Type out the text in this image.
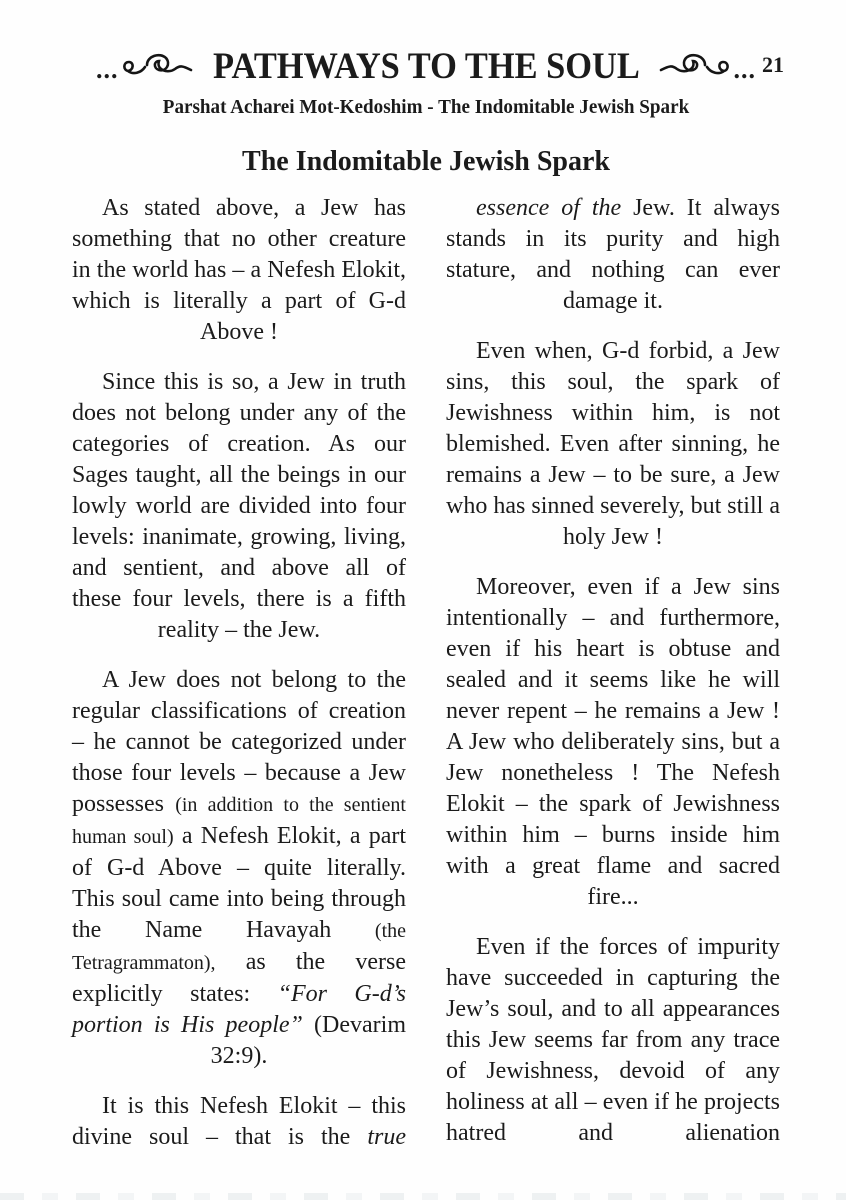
...	PATHWAYS TO THE SOUL	... 21
Parshat Acharei Mot-Kedoshim - The Indomitable Jewish Spark
The Indomitable Jewish Spark

As stated above, a Jew has something that no other creature in the world has – a Nefesh Elokit, which is literally a part of G-d Above !

Since this is so, a Jew in truth does not belong under any of the categories of creation. As our Sages taught, all the beings in our lowly world are divided into four levels: inanimate, growing, living, and sentient, and above all of these four levels, there is a fifth reality – the Jew.

A Jew does not belong to the regular classifications of creation – he cannot be categorized under those four levels – because a Jew possesses (in addition to the sentient human soul) a Nefesh Elokit, a part of G-d Above – quite literally. This soul came into being through the Name Havayah (the Tetragrammaton), as the verse explicitly states: “For G-d’s portion is His people” (Devarim 32:9).

It is this Nefesh Elokit – this divine soul – that is the true

essence of the Jew. It always stands in its purity and high stature, and nothing can ever damage it.

Even when, G-d forbid, a Jew sins, this soul, the spark of Jewishness within him, is not blemished. Even after sinning, he remains a Jew – to be sure, a Jew who has sinned severely, but still a holy Jew !

Moreover, even if a Jew sins intentionally – and furthermore, even if his heart is obtuse and sealed and it seems like he will never repent – he remains a Jew ! A Jew who deliberately sins, but a Jew nonetheless ! The Nefesh Elokit – the spark of Jewishness within him – burns inside him with a great flame and sacred fire...

Even if the forces of impurity have succeeded in capturing the Jew’s soul, and to all appearances this Jew seems far from any trace of Jewishness, devoid of any holiness at all – even if he projects hatred and alienation
